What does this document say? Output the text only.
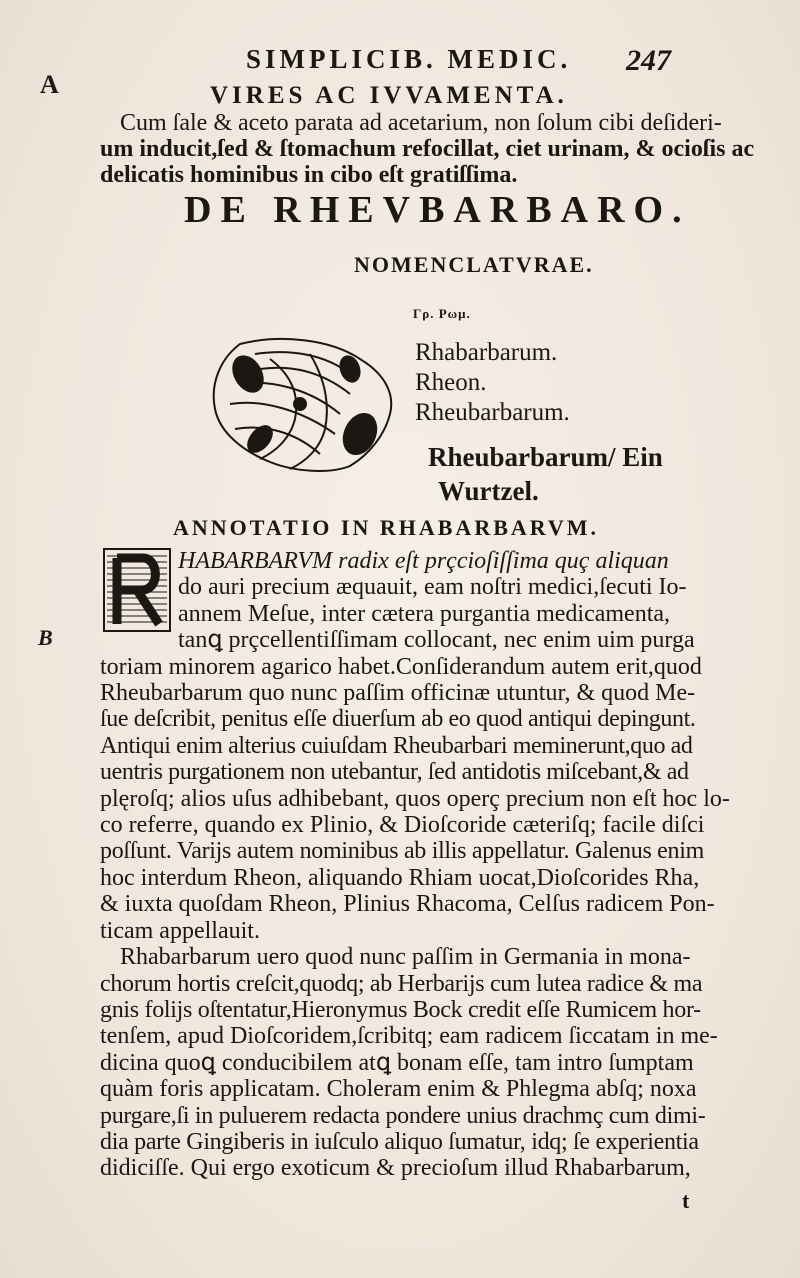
SIMPLICIB. MEDIC. 247
A
B
VIRES AC IVVAMENTA.
Cum ſale & aceto parata ad acetarium, non ſolum cibi deſideri-
um inducit,ſed & ſtomachum refocillat, ciet urinam, & ocioſis ac
delicatis hominibus in cibo eſt gratiſſima.
DE RHEVBARBARO.
NOMENCLATVRAE.
Γρ. Ρωμ.
Rhabarbarum.
Rheon.
Rheubarbarum.
Rheubarbarum/ Ein
Wurtzel.
ANNOTATIO IN RHABARBARVM.
HABARBARVM radix eſt prçcioſiſſima quç aliquan
do auri precium æquauit, eam noſtri medici,ſecuti Io-
annem Meſue, inter cætera purgantia medicamenta,
tanꝗ prçcellentiſſimam collocant, nec enim uim purga
toriam minorem agarico habet.Conſiderandum autem erit,quod
Rheubarbarum quo nunc paſſim officinæ utuntur, & quod Me-
ſue deſcribit, penitus eſſe diuerſum ab eo quod antiqui depingunt.
Antiqui enim alterius cuiuſdam Rheubarbari meminerunt,quo ad
uentris purgationem non utebantur, ſed antidotis miſcebant,& ad
plęroſq; alios uſus adhibebant, quos operç precium non eſt hoc lo-
co referre, quando ex Plinio, & Dioſcoride cæteriſq; facile diſci
poſſunt. Varijs autem nominibus ab illis appellatur. Galenus enim
hoc interdum Rheon, aliquando Rhiam uocat,Dioſcorides Rha,
& iuxta quoſdam Rheon, Plinius Rhacoma, Celſus radicem Pon-
ticam appellauit.
Rhabarbarum uero quod nunc paſſim in Germania in mona-
chorum hortis creſcit,quodq; ab Herbarijs cum lutea radice & ma
gnis folijs oſtentatur,Hieronymus Bock credit eſſe Rumicem hor-
tenſem, apud Dioſcoridem,ſcribitq; eam radicem ſiccatam in me-
dicina quoꝗ conducibilem atꝗ bonam eſſe, tam intro ſumptam
quàm foris applicatam. Choleram enim & Phlegma abſq; noxa
purgare,ſi in puluerem redacta pondere unius drachmç cum dimi-
dia parte Gingiberis in iuſculo aliquo ſumatur, idq; ſe experientia
didiciſſe. Qui ergo exoticum & precioſum illud Rhabarbarum,
t
